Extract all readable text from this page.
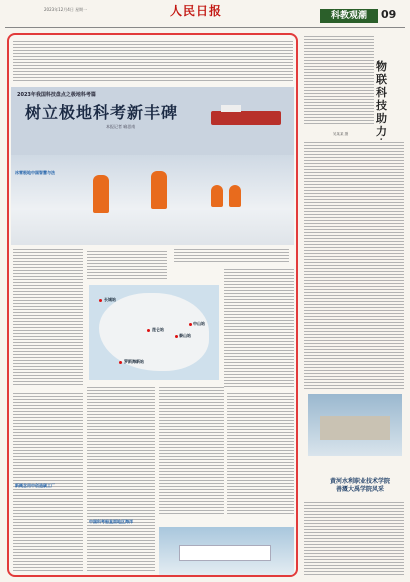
2023年12月4日 星期一	人民日报	科教观潮	09
2023年我国科技盘点之极地科考篇
树立极地科考新丰碑
本报记者 喻思南
冰雪极地中国智慧与法
长城站
昆仑站
中山站
泰山站
罗斯海新站
新概念用中创造碳工厂
中国科考船直面地区海洋
物联科技助力
吴某某 摄
黄河水利职业技术学院
善溉大禹学院风采
